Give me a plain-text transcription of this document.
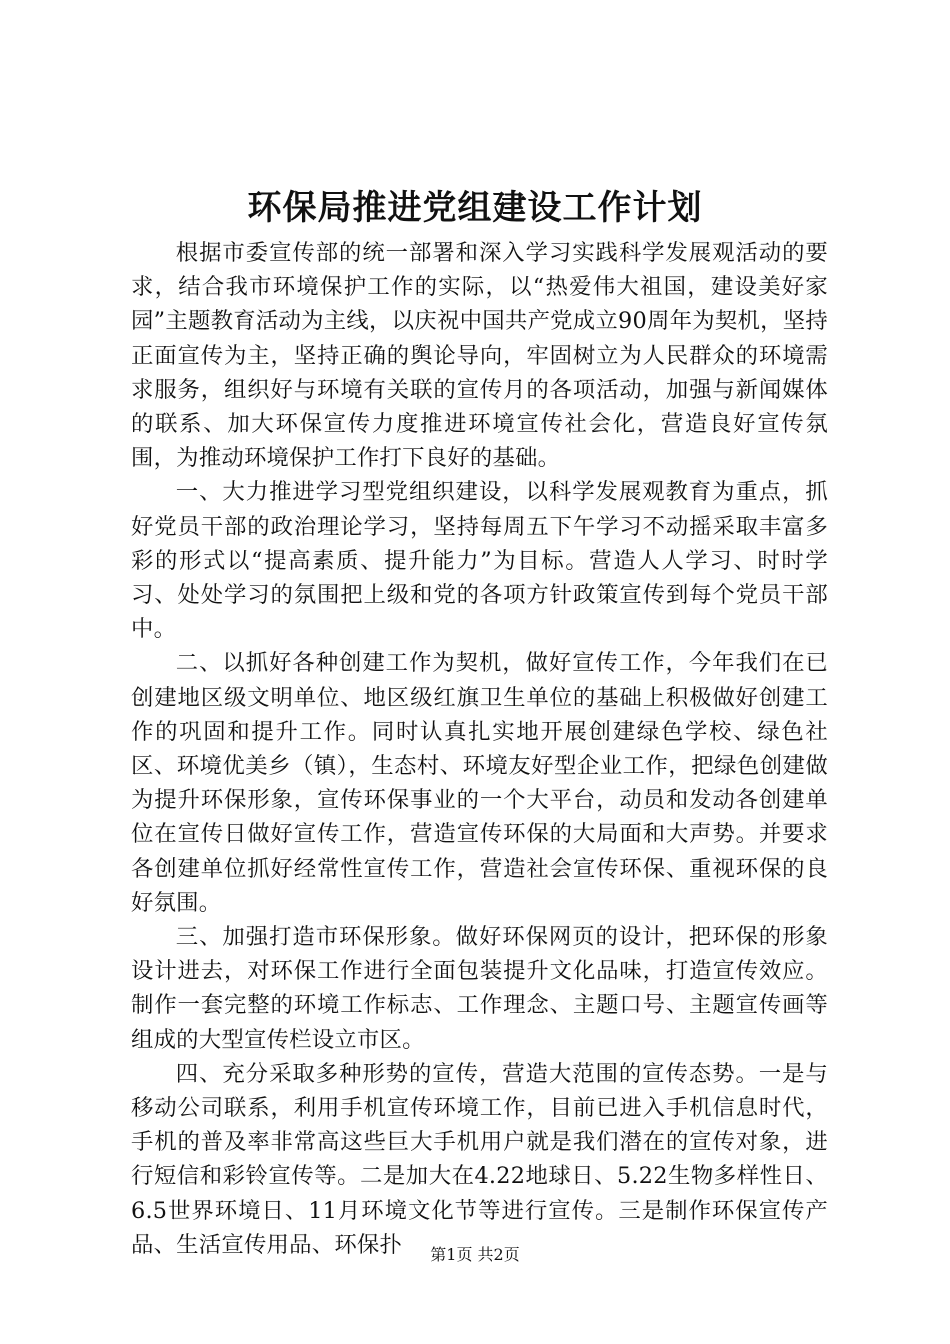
环保局推进党组建设工作计划

根据市委宣传部的统一部署和深入学习实践科学发展观活动的要求，结合我市环境保护工作的实际，以“热爱伟大祖国，建设美好家园”主题教育活动为主线，以庆祝中国共产党成立90周年为契机，坚持正面宣传为主，坚持正确的舆论导向，牢固树立为人民群众的环境需求服务，组织好与环境有关联的宣传月的各项活动，加强与新闻媒体的联系、加大环保宣传力度推进环境宣传社会化，营造良好宣传氛围，为推动环境保护工作打下良好的基础。

一、大力推进学习型党组织建设，以科学发展观教育为重点，抓好党员干部的政治理论学习，坚持每周五下午学习不动摇采取丰富多彩的形式以“提高素质、提升能力”为目标。营造人人学习、时时学习、处处学习的氛围把上级和党的各项方针政策宣传到每个党员干部中。

二、以抓好各种创建工作为契机，做好宣传工作，今年我们在已创建地区级文明单位、地区级红旗卫生单位的基础上积极做好创建工作的巩固和提升工作。同时认真扎实地开展创建绿色学校、绿色社区、环境优美乡（镇），生态村、环境友好型企业工作，把绿色创建做为提升环保形象，宣传环保事业的一个大平台，动员和发动各创建单位在宣传日做好宣传工作，营造宣传环保的大局面和大声势。并要求各创建单位抓好经常性宣传工作，营造社会宣传环保、重视环保的良好氛围。

三、加强打造市环保形象。做好环保网页的设计，把环保的形象设计进去，对环保工作进行全面包装提升文化品味，打造宣传效应。制作一套完整的环境工作标志、工作理念、主题口号、主题宣传画等组成的大型宣传栏设立市区。

四、充分采取多种形势的宣传，营造大范围的宣传态势。一是与移动公司联系，利用手机宣传环境工作，目前已进入手机信息时代，手机的普及率非常高这些巨大手机用户就是我们潜在的宣传对象，进行短信和彩铃宣传等。二是加大在4.22地球日、5.22生物多样性日、6.5世界环境日、11月环境文化节等进行宣传。三是制作环保宣传产品、生活宣传用品、环保扑	第1页 共2页
